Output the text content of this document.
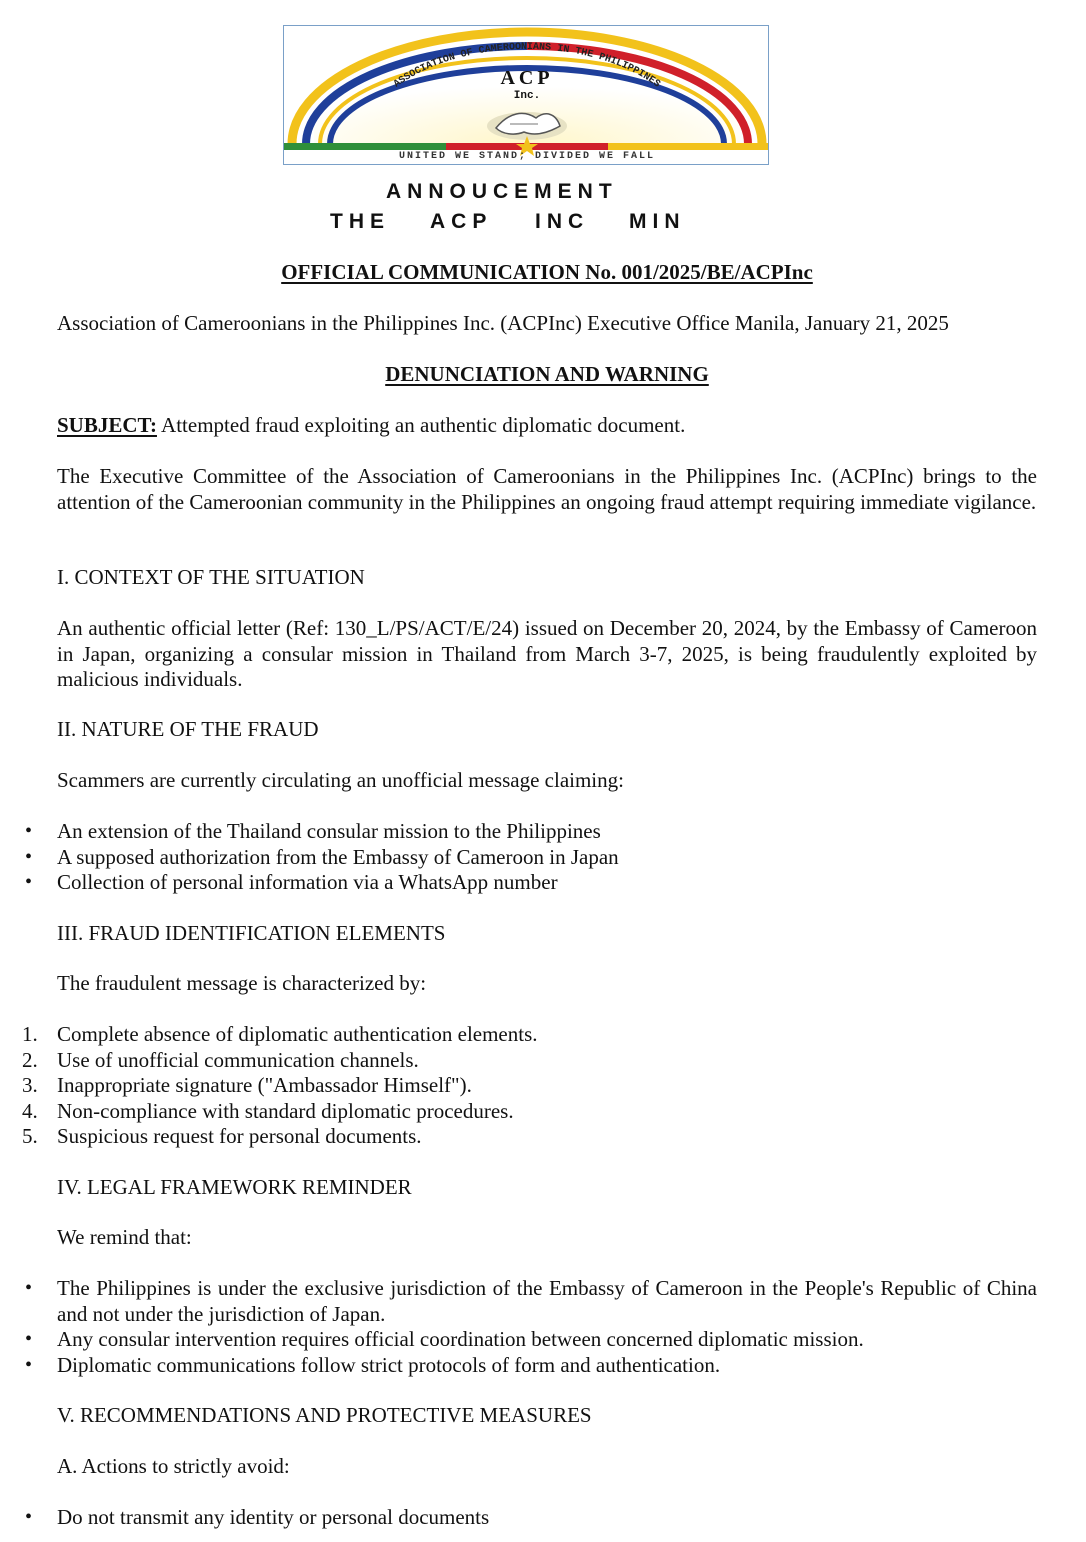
ASSOCIATION OF CAMEROONIANS IN THE PHILIPPINES
ACP
Inc.
UNITED WE STAND; DIVIDED WE FALL
ANNOUCEMENT
THE ACP INC MIN
OFFICIAL COMMUNICATION No. 001/2025/BE/ACPInc
Association of Cameroonians in the Philippines Inc. (ACPInc) Executive Office Manila, January 21, 2025
DENUNCIATION AND WARNING
SUBJECT: Attempted fraud exploiting an authentic diplomatic document.
The Executive Committee of the Association of Cameroonians in the Philippines Inc. (ACPInc) brings to the attention of the Cameroonian community in the Philippines an ongoing fraud attempt requiring immediate vigilance.
I. CONTEXT OF THE SITUATION
An authentic official letter (Ref: 130_L/PS/ACT/E/24) issued on December 20, 2024, by the Embassy of Cameroon in Japan, organizing a consular mission in Thailand from March 3-7, 2025, is being fraudulently exploited by malicious individuals.
II. NATURE OF THE FRAUD
Scammers are currently circulating an unofficial message claiming:
• An extension of the Thailand consular mission to the Philippines
• A supposed authorization from the Embassy of Cameroon in Japan
• Collection of personal information via a WhatsApp number
III. FRAUD IDENTIFICATION ELEMENTS
The fraudulent message is characterized by:
1. Complete absence of diplomatic authentication elements.
2. Use of unofficial communication channels.
3. Inappropriate signature ("Ambassador Himself").
4. Non-compliance with standard diplomatic procedures.
5. Suspicious request for personal documents.
IV. LEGAL FRAMEWORK REMINDER
We remind that:
• The Philippines is under the exclusive jurisdiction of the Embassy of Cameroon in the People's Republic of China and not under the jurisdiction of Japan.
• Any consular intervention requires official coordination between concerned diplomatic mission.
• Diplomatic communications follow strict protocols of form and authentication.
V. RECOMMENDATIONS AND PROTECTIVE MEASURES
A. Actions to strictly avoid:
• Do not transmit any identity or personal documents
